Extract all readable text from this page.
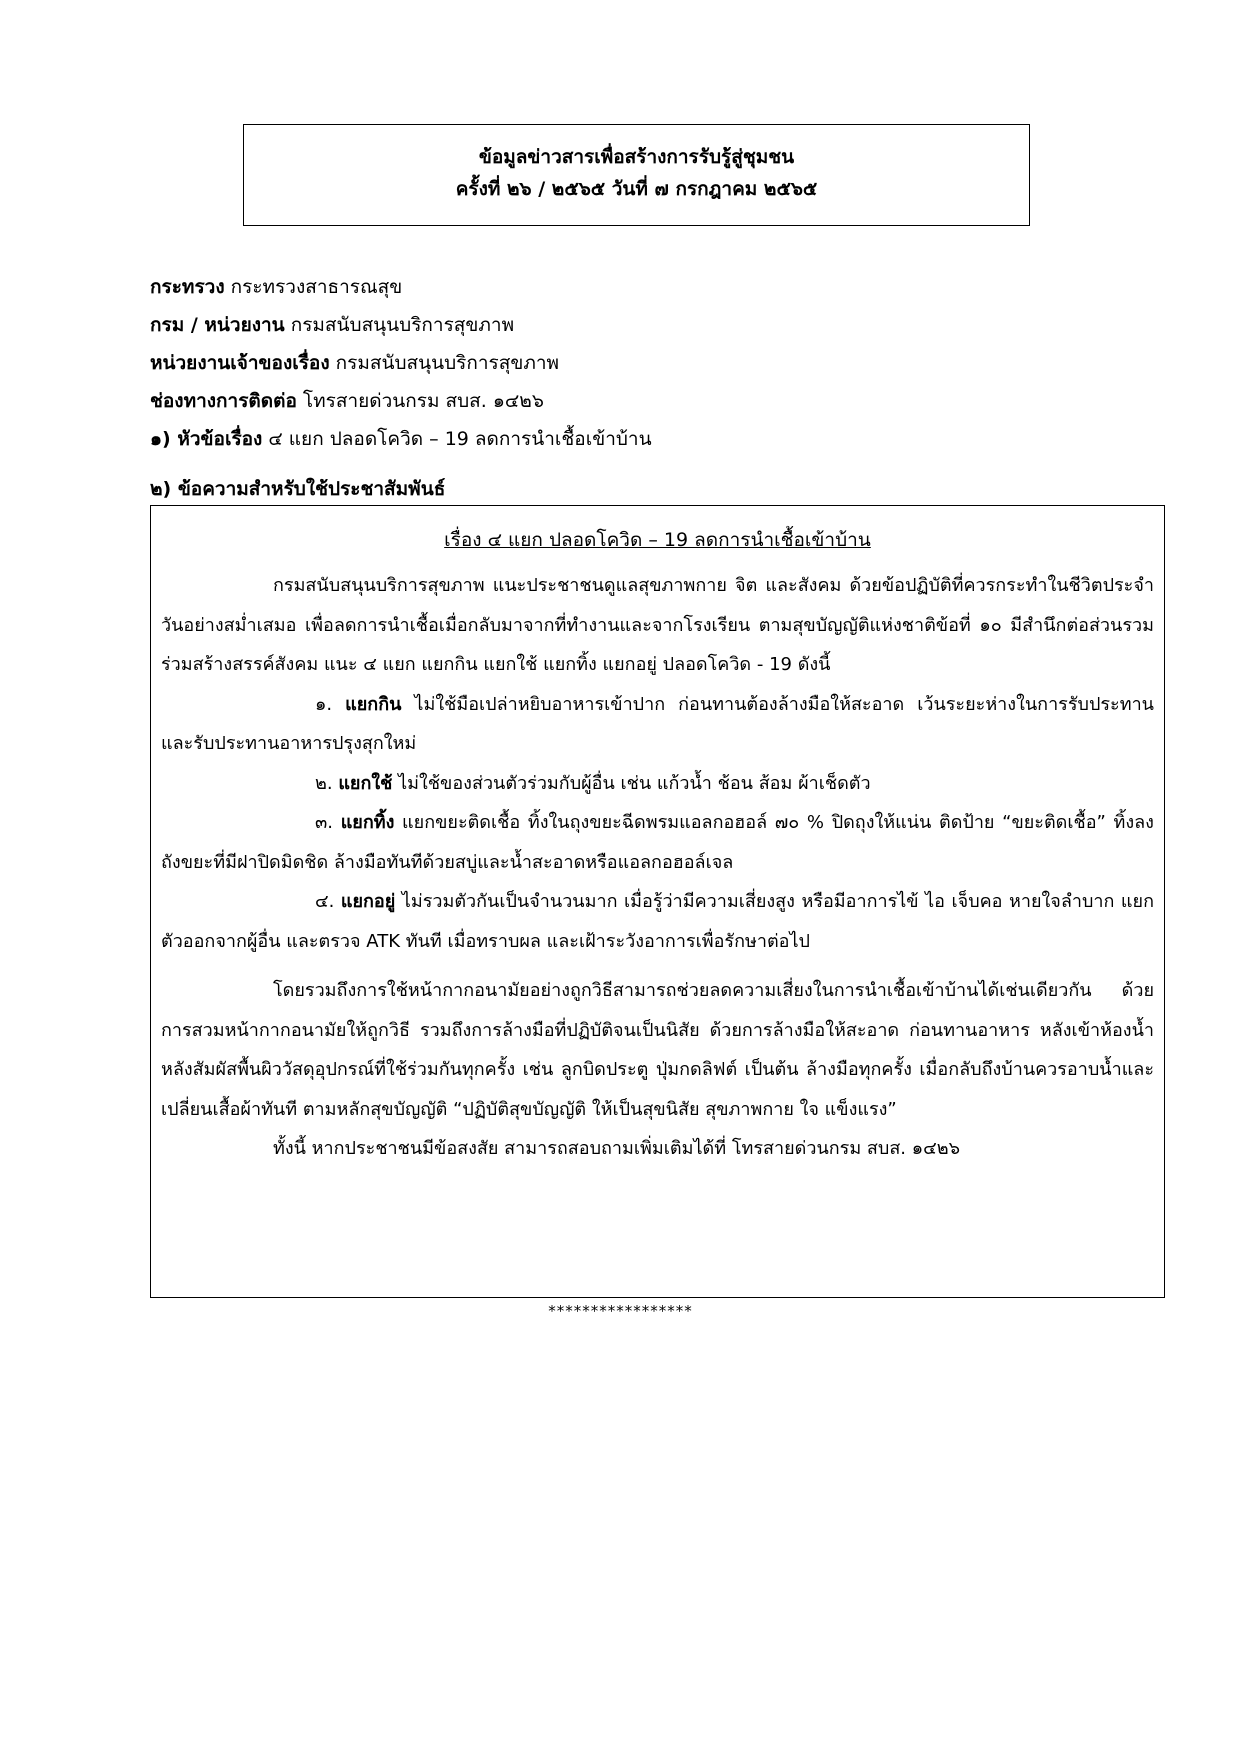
ข้อมูลข่าวสารเพื่อสร้างการรับรู้สู่ชุมชน
ครั้งที่ ๒๖ / ๒๕๖๕ วันที่ ๗ กรกฎาคม ๒๕๖๕
กระทรวง กระทรวงสาธารณสุข
กรม / หน่วยงาน กรมสนับสนุนบริการสุขภาพ
หน่วยงานเจ้าของเรื่อง กรมสนับสนุนบริการสุขภาพ
ช่องทางการติดต่อ โทรสายด่วนกรม สบส. ๑๔๒๖
๑) หัวข้อเรื่อง ๔ แยก ปลอดโควิด – 19 ลดการนำเชื้อเข้าบ้าน
๒) ข้อความสำหรับใช้ประชาสัมพันธ์
เรื่อง ๔ แยก ปลอดโควิด – 19 ลดการนำเชื้อเข้าบ้าน

กรมสนับสนุนบริการสุขภาพ แนะประชาชนดูแลสุขภาพกาย จิต และสังคม ด้วยข้อปฏิบัติที่ควรกระทำในชีวิตประจำวันอย่างสม่ำเสมอ เพื่อลดการนำเชื้อเมื่อกลับมาจากที่ทำงานและจากโรงเรียน ตามสุขบัญญัติแห่งชาติข้อที่ ๑๐ มีสำนึกต่อส่วนรวม ร่วมสร้างสรรค์สังคม แนะ ๔ แยก แยกกิน แยกใช้ แยกทิ้ง แยกอยู่ ปลอดโควิด - 19 ดังนี้

๑. แยกกิน ไม่ใช้มือเปล่าหยิบอาหารเข้าปาก ก่อนทานต้องล้างมือให้สะอาด เว้นระยะห่างในการรับประทาน และรับประทานอาหารปรุงสุกใหม่

๒. แยกใช้ ไม่ใช้ของส่วนตัวร่วมกับผู้อื่น เช่น แก้วน้ำ ช้อน ส้อม ผ้าเช็ดตัว

๓. แยกทิ้ง แยกขยะติดเชื้อ ทิ้งในถุงขยะฉีดพรมแอลกอฮอล์ ๗๐ % ปิดถุงให้แน่น ติดป้าย “ขยะติดเชื้อ” ทิ้งลงถังขยะที่มีฝาปิดมิดชิด ล้างมือทันทีด้วยสบู่และน้ำสะอาดหรือแอลกอฮอล์เจล

๔. แยกอยู่ ไม่รวมตัวกันเป็นจำนวนมาก เมื่อรู้ว่ามีความเสี่ยงสูง หรือมีอาการไข้ ไอ เจ็บคอ หายใจลำบาก แยกตัวออกจากผู้อื่น และตรวจ ATK ทันที เมื่อทราบผล และเฝ้าระวังอาการเพื่อรักษาต่อไป

โดยรวมถึงการใช้หน้ากากอนามัยอย่างถูกวิธีสามารถช่วยลดความเสี่ยงในการนำเชื้อเข้าบ้านได้เช่นเดียวกัน ด้วยการสวมหน้ากากอนามัยให้ถูกวิธี รวมถึงการล้างมือที่ปฏิบัติจนเป็นนิสัย ด้วยการล้างมือให้สะอาด ก่อนทานอาหาร หลังเข้าห้องน้ำ หลังสัมผัสพื้นผิววัสดุอุปกรณ์ที่ใช้ร่วมกันทุกครั้ง เช่น ลูกบิดประตู ปุ่มกดลิฟต์ เป็นต้น ล้างมือทุกครั้ง เมื่อกลับถึงบ้านควรอาบน้ำและเปลี่ยนเสื้อผ้าทันที ตามหลักสุขบัญญัติ “ปฏิบัติสุขบัญญัติ ให้เป็นสุขนิสัย สุขภาพกาย ใจ แข็งแรง”

ทั้งนี้ หากประชาชนมีข้อสงสัย สามารถสอบถามเพิ่มเติมได้ที่ โทรสายด่วนกรม สบส. ๑๔๒๖

*****************
